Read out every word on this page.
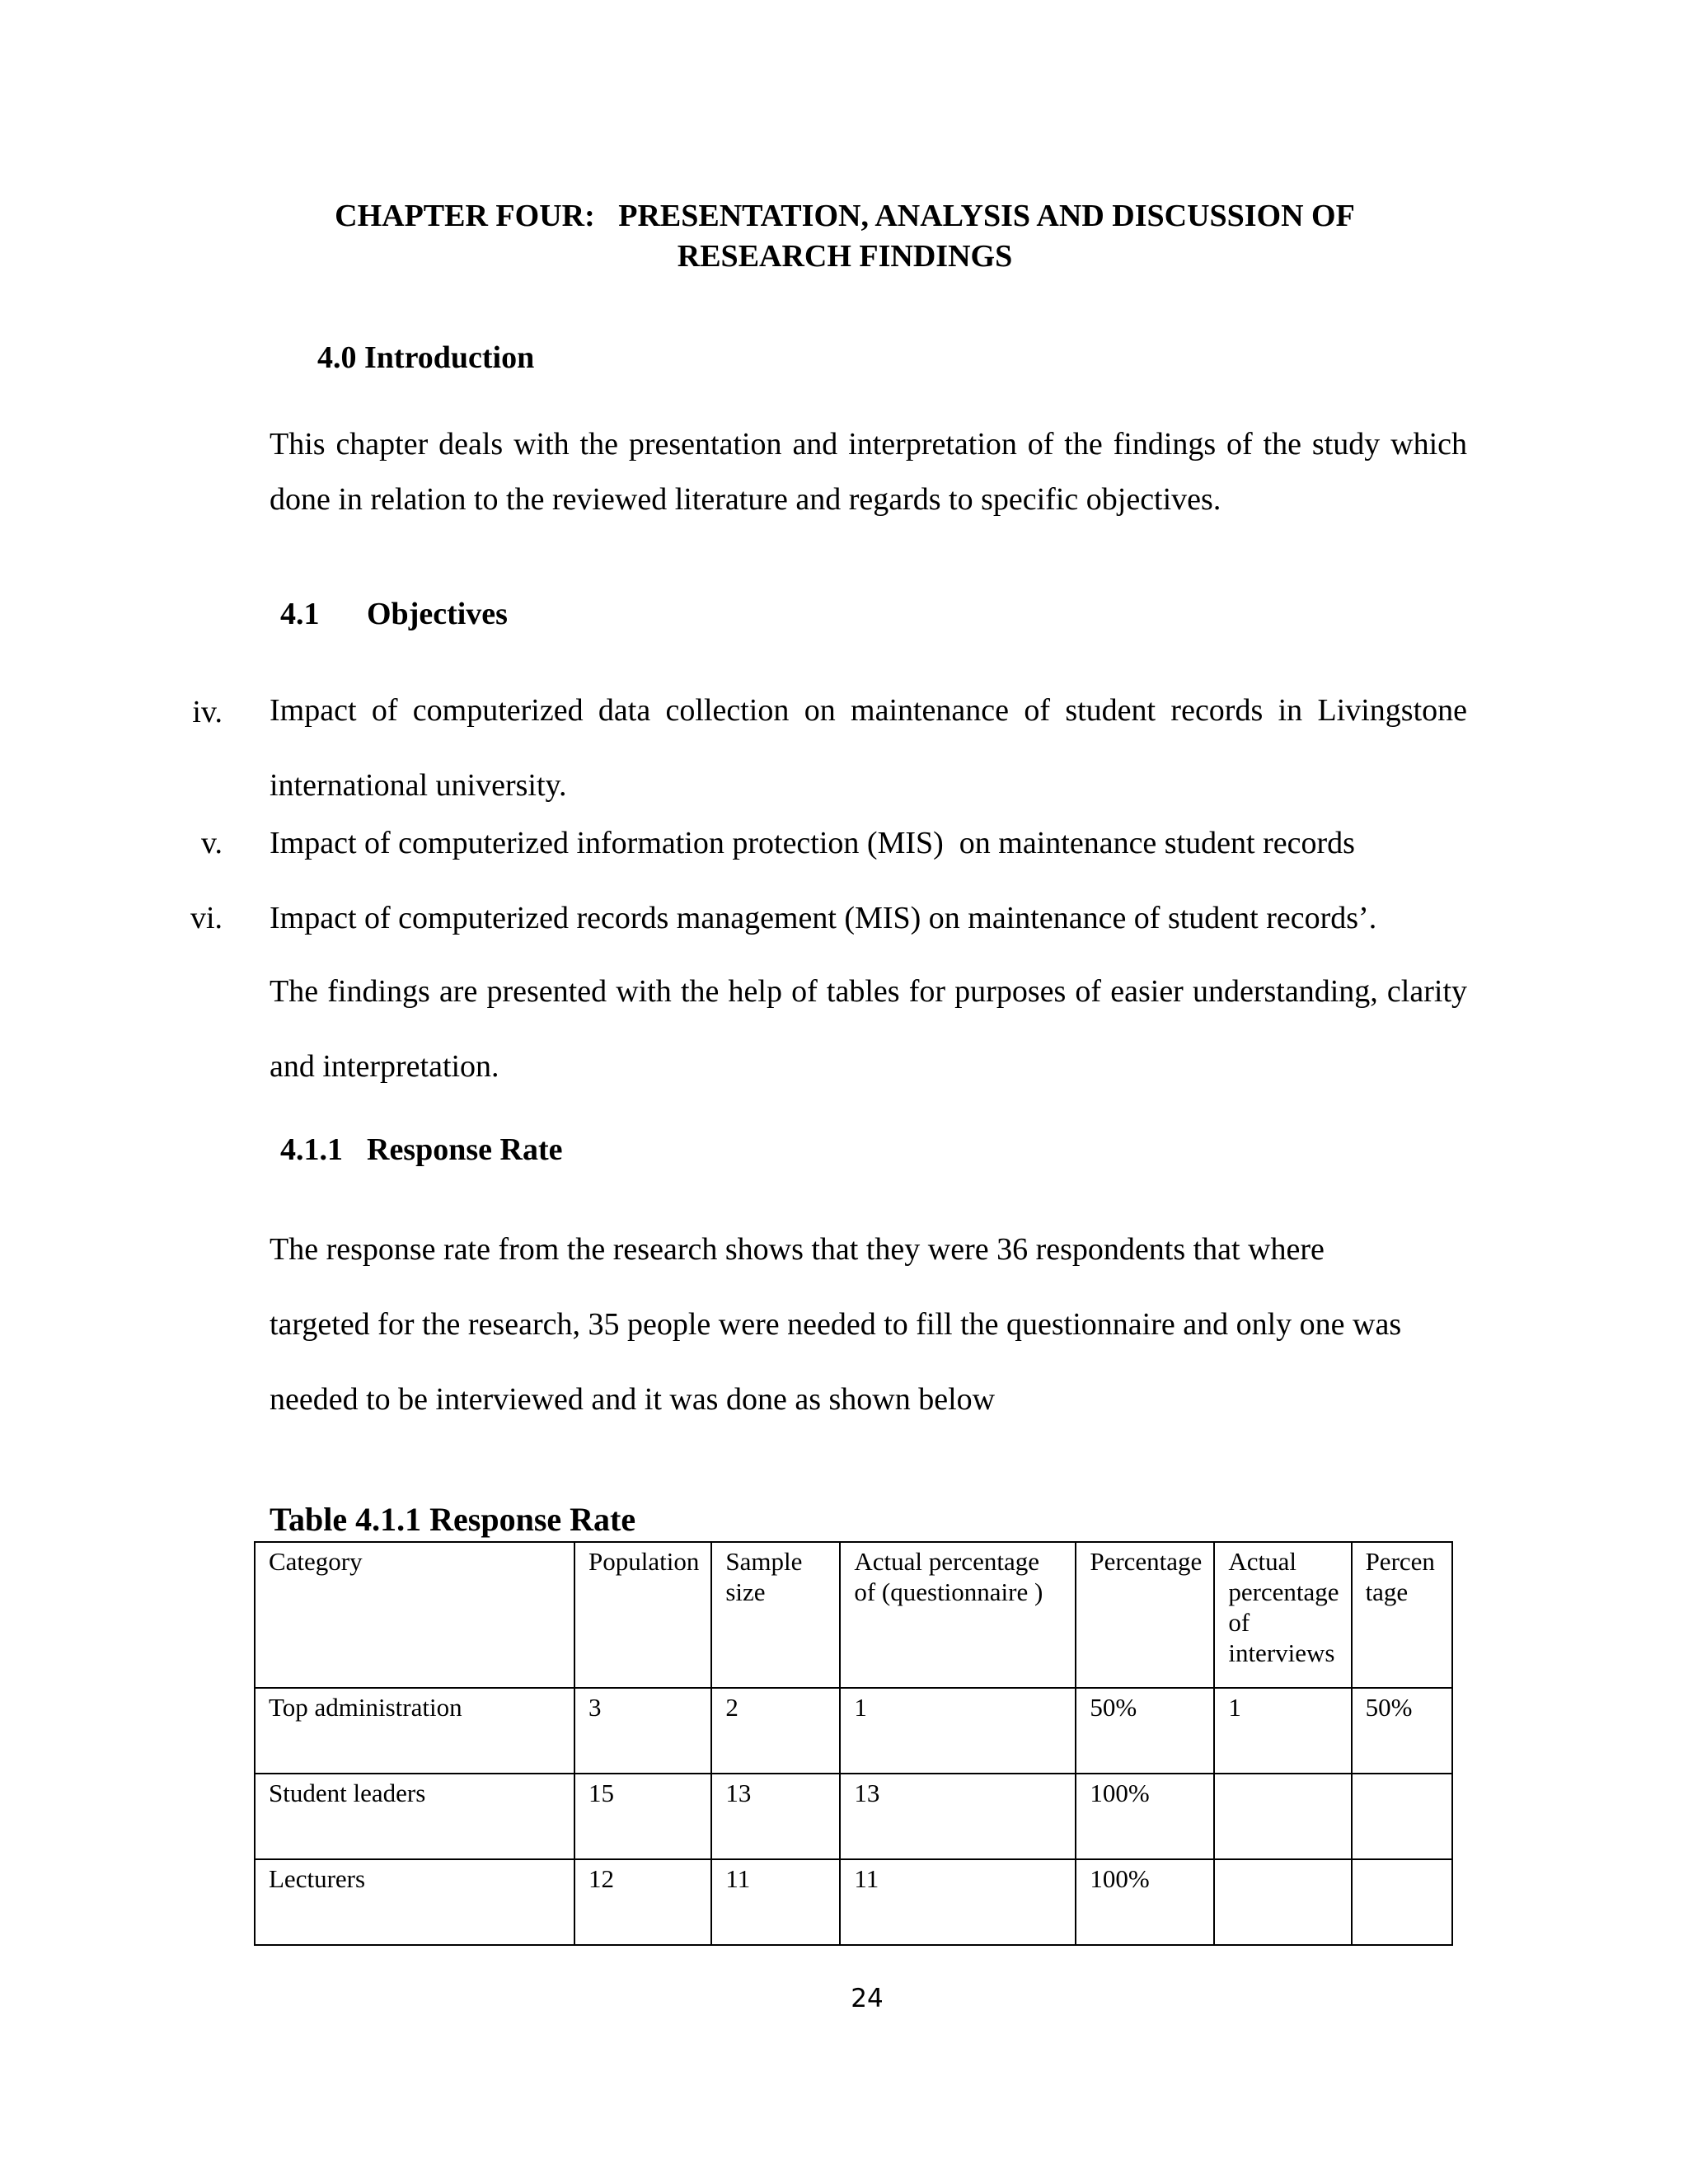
CHAPTER FOUR:   PRESENTATION, ANALYSIS AND DISCUSSION OF
RESEARCH FINDINGS
4.0 Introduction
This chapter deals with the presentation and interpretation of the findings of the study which done in relation to the reviewed literature and regards to specific objectives.
4.1 Objectives
iv. Impact of computerized data collection on maintenance of student records in Livingstone international university.
v. Impact of computerized information protection (MIS)  on maintenance student records
vi. Impact of computerized records management (MIS) on maintenance of student records’.
The findings are presented with the help of tables for purposes of easier understanding, clarity and interpretation.
4.1.1 Response Rate
The response rate from the research shows that they were 36 respondents that where
targeted for the research, 35 people were needed to fill the questionnaire and only one was
needed to be interviewed and it was done as shown below
Table 4.1.1 Response Rate
Category	Population	Sample size	Actual percentage of (questionnaire )	Percentage	Actual percentage of interviews	Percen tage
Top administration	3	2	1	50%	1	50%
Student leaders	15	13	13	100%		
Lecturers	12	11	11	100%		
24
